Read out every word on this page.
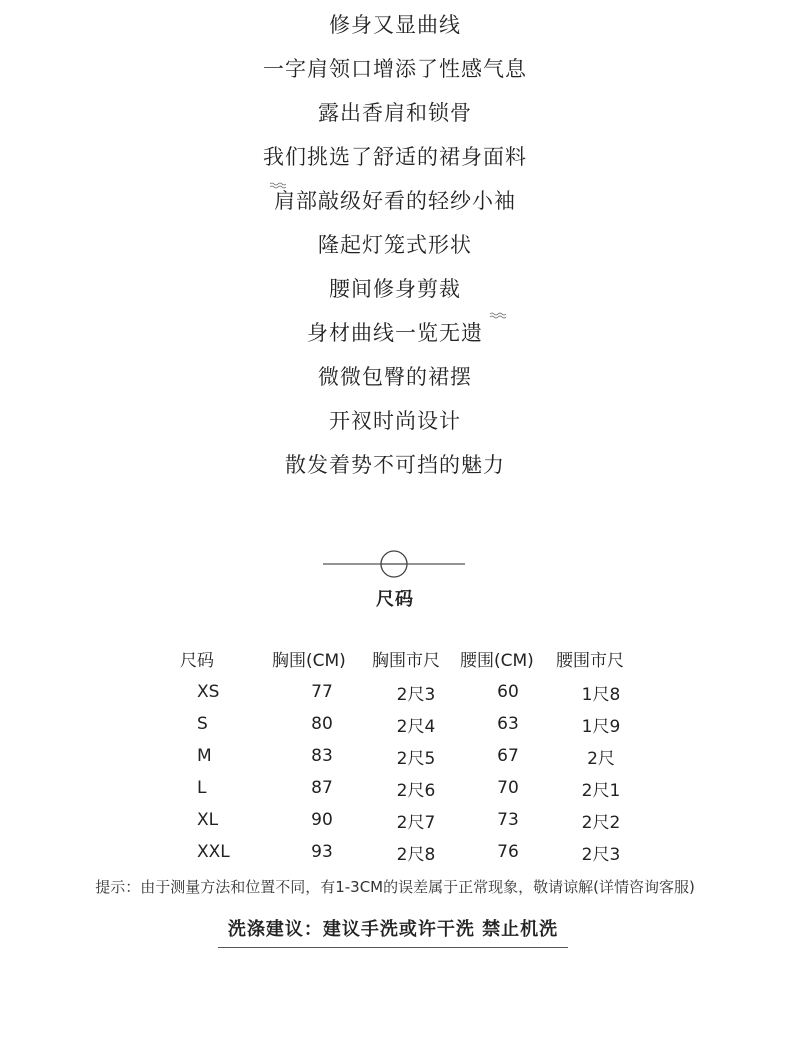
修身又显曲线
一字肩领口增添了性感气息
露出香肩和锁骨
我们挑选了舒适的裙身面料
肩部敲级好看的轻纱小袖
隆起灯笼式形状
腰间修身剪裁
身材曲线一览无遗
微微包臀的裙摆
开衩时尚设计
散发着势不可挡的魅力
尺码
尺码	胸围(CM)	胸围市尺	腰围(CM)	腰围市尺
XS	77	2尺3	60	1尺8
S	80	2尺4	63	1尺9
M	83	2尺5	67	2尺
L	87	2尺6	70	2尺1
XL	90	2尺7	73	2尺2
XXL	93	2尺8	76	2尺3
提示：由于测量方法和位置不同，有1-3CM的误差属于正常现象，敬请谅解(详情咨询客服)
洗涤建议：建议手洗或许干洗 禁止机洗
